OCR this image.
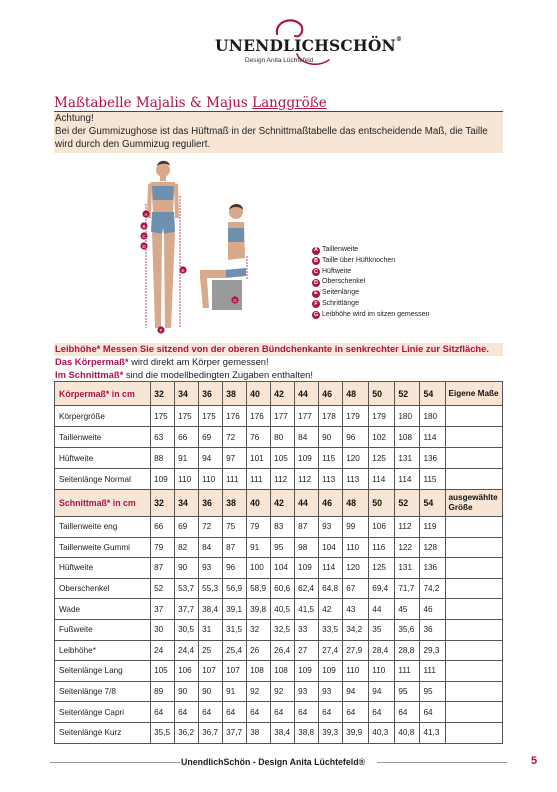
UNENDLICHSCHÖN®
Design Anita Lüchtefeld
Maßtabelle Majalis & Majus Langgröße
Achtung!
Bei der Gummizughose ist das Hüftmaß in der Schnittmaßtabelle das entscheidende Maß, die Taille
wird durch den Gummizug reguliert.
A
B
C
D
E
F
G
A Taillenweite
B Taille über Hüftknochen
C Hüftweite
D Oberschenkel
E Seitenlänge
F Schrittlänge
G Leibhöhe wird im sitzen gemessen
Leibhöhe* Messen Sie sitzend von der oberen Bündchenkante in senkrechter Linie zur Sitzfläche.
Das Körpermaß* wird direkt am Körper gemessen!
Im Schnittmaß* sind die modellbedingten Zugaben enthalten!
Körpermaß* in cm	32	34	36	38	40	42	44	46	48	50	52	54	Eigene Maße
Körpergröße	175	175	175	176	176	177	177	178	179	179	180	180	
Taillenweite	63	66	69	72	76	80	84	90	96	102	108	114	
Hüftweite	88	91	94	97	101	105	109	115	120	125	131	136	
Seitenlänge Normal	109	110	110	111	111	112	112	113	113	114	114	115	
Schnittmaß* in cm	32	34	36	38	40	42	44	46	48	50	52	54	ausgewählte Größe
Taillenweite eng	66	69	72	75	79	83	87	93	99	106	112	119	
Taillenweite Gummi	79	82	84	87	91	95	98	104	110	116	122	128	
Hüftweite	87	90	93	96	100	104	109	114	120	125	131	136	
Oberschenkel	52	53,7	55,3	56,9	58,9	60,6	62,4	64,8	67	69,4	71,7	74,2	
Wade	37	37,7	38,4	39,1	39,8	40,5	41,5	42	43	44	45	46	
Fußweite	30	30,5	31	31,5	32	32,5	33	33,5	34,2	35	35,6	36	
Leibhöhe*	24	24,4	25	25,4	26	26,4	27	27,4	27,9	28,4	28,8	29,3	
Seitenlänge Lang	105	106	107	107	108	108	109	109	110	110	111	111	
Seitenlänge 7/8	89	90	90	91	92	92	93	93	94	94	95	95	
Seitenlänge Capri	64	64	64	64	64	64	64	64	64	64	64	64	
Seitenlänge Kurz	35,5	36,2	36,7	37,7	38	38,4	38,8	39,3	39,9	40,3	40,8	41,3	
UnendlichSchön - Design Anita Lüchtefeld®	5
